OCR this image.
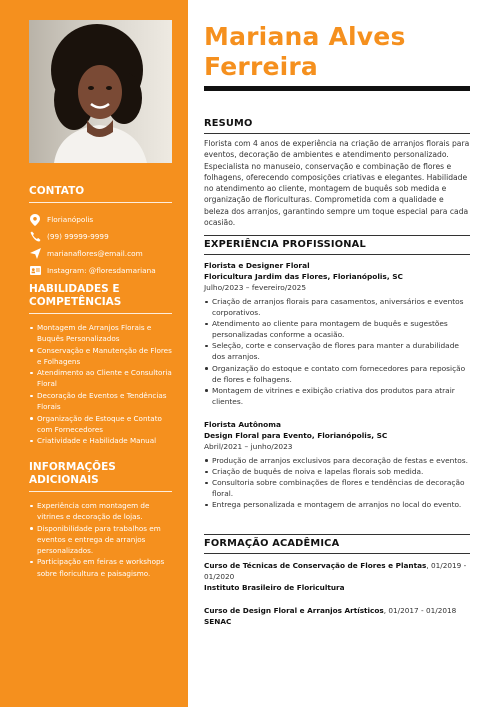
CONTATO
Florianópolis
(99) 99999-9999
marianaflores@email.com
Instagram: @floresdamariana
HABILIDADES E COMPETÊNCIAS
Montagem de Arranjos Florais e Buquês Personalizados
Conservação e Manutenção de Flores e Folhagens
Atendimento ao Cliente e Consultoria Floral
Decoração de Eventos e Tendências Florais
Organização de Estoque e Contato com Fornecedores
Criatividade e Habilidade Manual
INFORMAÇÕES ADICIONAIS
Experiência com montagem de vitrines e decoração de lojas.
Disponibilidade para trabalhos em eventos e entrega de arranjos personalizados.
Participação em feiras e workshops sobre floricultura e paisagismo.
Mariana Alves Ferreira
RESUMO
Florista com 4 anos de experiência na criação de arranjos florais para eventos, decoração de ambientes e atendimento personalizado. Especialista no manuseio, conservação e combinação de flores e folhagens, oferecendo composições criativas e elegantes. Habilidade no atendimento ao cliente, montagem de buquês sob medida e organização de floriculturas. Comprometida com a qualidade e beleza dos arranjos, garantindo sempre um toque especial para cada ocasião.
EXPERIÊNCIA PROFISSIONAL
Florista e Designer Floral
Floricultura Jardim das Flores, Florianópolis, SC
Julho/2023 – fevereiro/2025
Criação de arranjos florais para casamentos, aniversários e eventos corporativos.
Atendimento ao cliente para montagem de buquês e sugestões personalizadas conforme a ocasião.
Seleção, corte e conservação de flores para manter a durabilidade dos arranjos.
Organização do estoque e contato com fornecedores para reposição de flores e folhagens.
Montagem de vitrines e exibição criativa dos produtos para atrair clientes.
Florista Autônoma
Design Floral para Evento, Florianópolis, SC
Abril/2021 – junho/2023
Produção de arranjos exclusivos para decoração de festas e eventos.
Criação de buquês de noiva e lapelas florais sob medida.
Consultoria sobre combinações de flores e tendências de decoração floral.
Entrega personalizada e montagem de arranjos no local do evento.
FORMAÇÃO ACADÊMICA
Curso de Técnicas de Conservação de Flores e Plantas, 01/2019 - 01/2020
Instituto Brasileiro de Floricultura
Curso de Design Floral e Arranjos Artísticos, 01/2017 - 01/2018
SENAC
